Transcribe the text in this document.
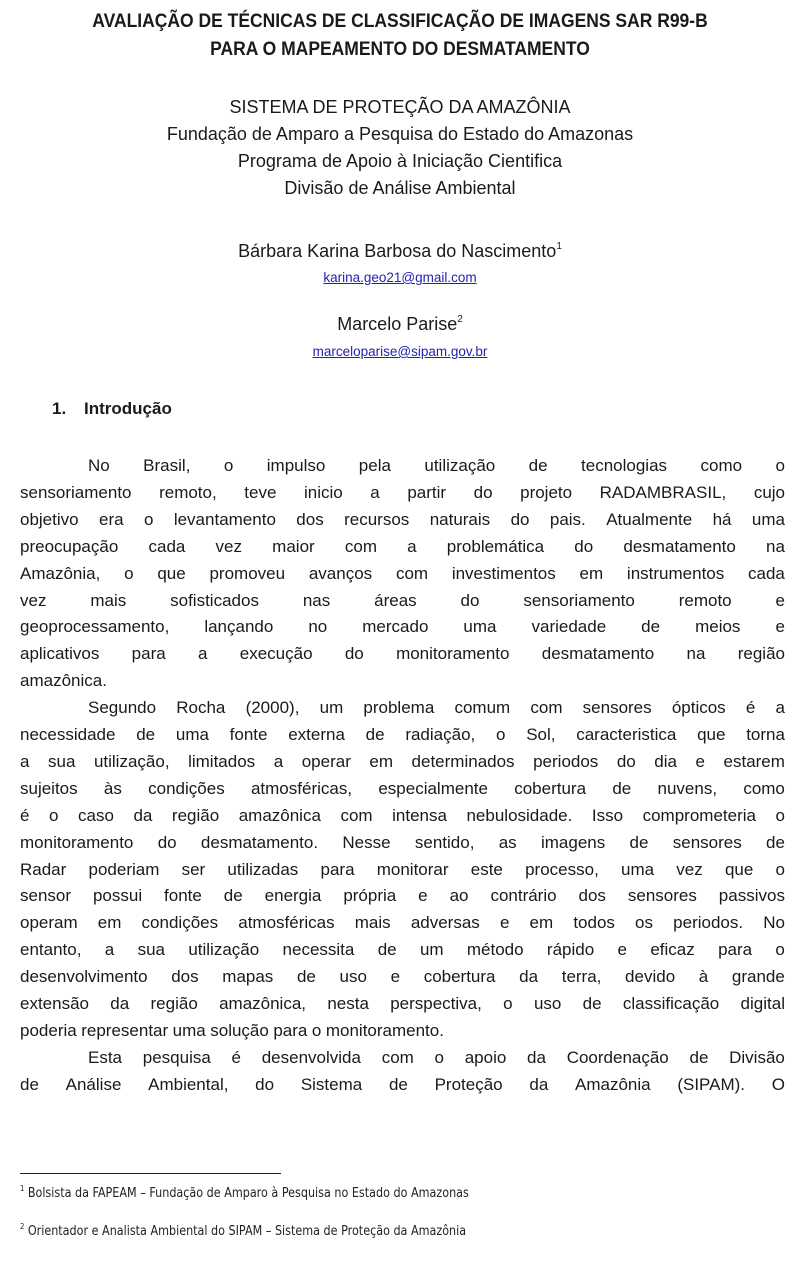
AVALIAÇÃO DE TÉCNICAS DE CLASSIFICAÇÃO DE IMAGENS SAR R99-B
PARA O MAPEAMENTO DO DESMATAMENTO
SISTEMA DE PROTEÇÃO DA AMAZÔNIA
Fundação de Amparo a Pesquisa do Estado do Amazonas
Programa de Apoio à Iniciação Cientifica
Divisão de Análise Ambiental
Bárbara Karina Barbosa do Nascimento$^1$
karina.geo21@gmail.com
Marcelo Parise$^2$
marceloparise@sipam.gov.br
1. Introdução
No Brasil, o impulso pela utilização de tecnologias como o
sensoriamento remoto, teve inicio a partir do projeto RADAMBRASIL, cujo
objetivo era o levantamento dos recursos naturais do pais. Atualmente há uma
preocupação cada vez maior com a problemática do desmatamento na
Amazônia, o que promoveu avanços com investimentos em instrumentos cada
vez	mais	sofisticados	nas	áreas	do	sensoriamento	remoto	e
geoprocessamento, lançando no mercado uma variedade de meios e
aplicativos para a execução do monitoramento desmatamento na região
amazônica.
Segundo Rocha (2000), um problema comum com sensores ópticos é a
necessidade de uma fonte externa de radiação, o Sol, caracteristica que torna
a sua utilização, limitados a operar em determinados periodos do dia e estarem
sujeitos às condições atmosféricas, especialmente cobertura de nuvens, como
é o caso da região amazônica com intensa nebulosidade. Isso comprometeria o
monitoramento do desmatamento. Nesse sentido, as imagens de sensores de
Radar poderiam ser utilizadas para monitorar este processo, uma vez que o
sensor possui fonte de energia própria e ao contrário dos sensores passivos
operam em condições atmosféricas mais adversas e em todos os periodos. No
entanto, a sua utilização necessita de um método rápido e eficaz para o
desenvolvimento dos mapas de uso e cobertura da terra, devido à grande
extensão da região amazônica, nesta perspectiva, o uso de classificação digital
poderia representar uma solução para o monitoramento.
Esta pesquisa é desenvolvida com o apoio da Coordenação de Divisão
de Análise Ambiental, do Sistema de Proteção da Amazônia (SIPAM). O
$^1$ Bolsista da FAPEAM – Fundação de Amparo à Pesquisa no Estado do Amazonas
$^2$ Orientador e Analista Ambiental do SIPAM – Sistema de Proteção da Amazônia
